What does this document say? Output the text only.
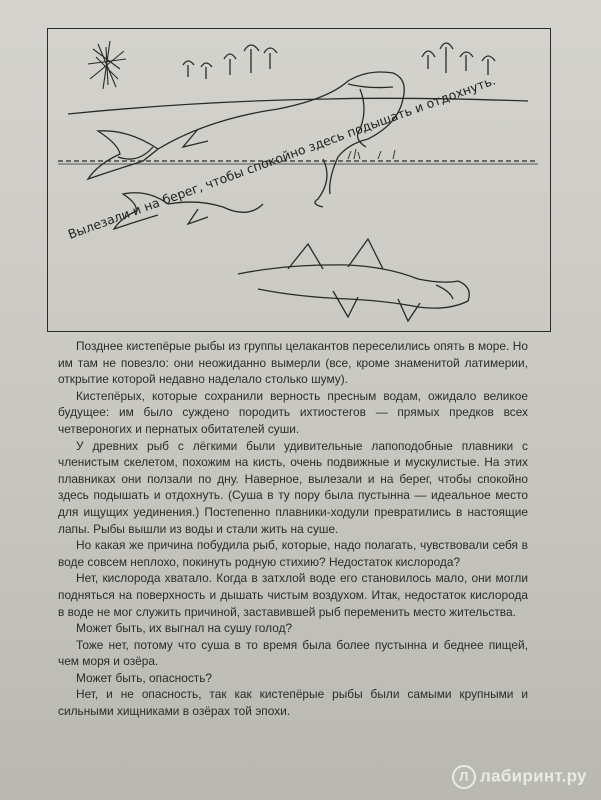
Вылезали и на берег, чтобы спокойно здесь подышать и отдохнуть.

Позднее кистепёрые рыбы из группы целакантов переселились опять в море. Но им там не повезло: они неожиданно вымерли (все, кроме знаменитой латимерии, открытие которой недавно наделало столько шуму).

Кистепёрых, которые сохранили верность пресным водам, ожидало великое будущее: им было суждено породить ихтиостегов — прямых предков всех четвероногих и пернатых обитателей суши.

У древних рыб с лёгкими были удивительные лапоподобные плавники с членистым скелетом, похожим на кисть, очень подвижные и мускулистые. На этих плавниках они ползали по дну. Наверное, вылезали и на берег, чтобы спокойно здесь подышать и отдохнуть. (Суша в ту пору была пустынна — идеальное место для ищущих уединения.) Постепенно плавники-ходули превратились в настоящие лапы. Рыбы вышли из воды и стали жить на суше.

Но какая же причина побудила рыб, которые, надо полагать, чувствовали себя в воде совсем неплохо, покинуть родную стихию? Недостаток кислорода?

Нет, кислорода хватало. Когда в затхлой воде его становилось мало, они могли подняться на поверхность и дышать чистым воздухом. Итак, недостаток кислорода в воде не мог служить причиной, заставившей рыб переменить место жительства.

Может быть, их выгнал на сушу голод?

Тоже нет, потому что суша в то время была более пустынна и беднее пищей, чем моря и озёра.

Может быть, опасность?

Нет, и не опасность, так как кистепёрые рыбы были самыми крупными и сильными хищниками в озёрах той эпохи.

Л лабиринт.ру
